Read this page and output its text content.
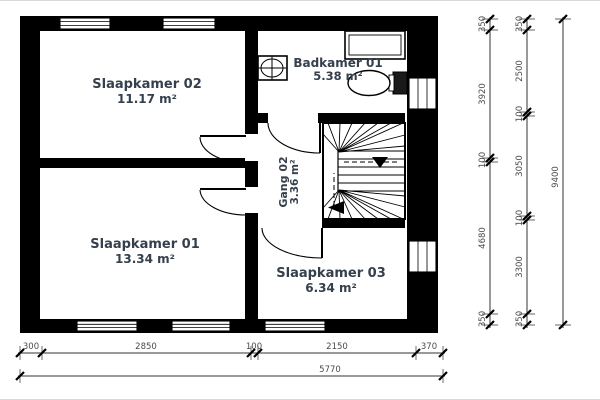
Slaapkamer 02
11.17 m²
Badkamer 01
5.38 m²
Gang 02 3.36 m²
Slaapkamer 01
13.34 m²
Slaapkamer 03
6.34 m²
300	2850	100	2150	370
5770
350
3920
100
4680
350
350
2500
100
3050
100
3300
350
9400
